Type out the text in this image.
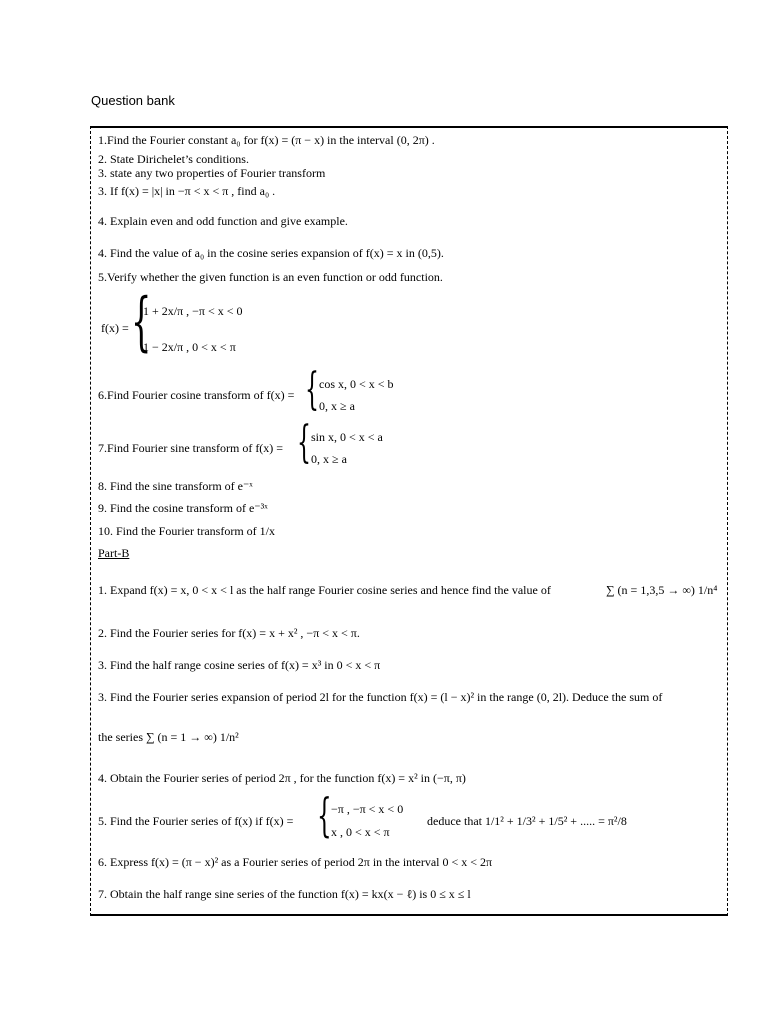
Question bank
1.Find the Fourier constant a₀ for f(x) = (π − x) in the interval (0, 2π) .
2. State Dirichelet’s conditions.
3. state any two properties of Fourier transform
3. If f(x) = |x| in −π < x < π , find a₀ .
4. Explain even and odd function and give example.
4. Find the value of a₀ in the cosine series expansion of f(x) = x in (0,5).
5.Verify whether the given function is an even function or odd function.
f(x) = {
1 + 2x/π , −π < x < 0
1 − 2x/π , 0 < x < π
6.Find Fourier cosine transform of f(x) = { cos x, 0 < x < b
0, x ≥ a
7.Find Fourier sine transform of f(x) = { sin x, 0 < x < a
0, x ≥ a
8. Find the sine transform of e⁻ˣ
9. Find the cosine transform of e⁻³ˣ
10. Find the Fourier transform of 1/x
Part-B
1. Expand f(x) = x, 0 < x < l as the half range Fourier cosine series and hence find the value of	∑ (n = 1,3,5 → ∞) 1/n⁴
2. Find the Fourier series for f(x) = x + x² , −π < x < π.
3. Find the half range cosine series of f(x) = x³ in 0 < x < π
3. Find the Fourier series expansion of period 2l for the function f(x) = (l − x)² in the range (0, 2l). Deduce the sum of
the series ∑ (n = 1 → ∞) 1/n²
4. Obtain the Fourier series of period 2π , for the function f(x) = x² in (−π, π)
5. Find the Fourier series of f(x) if f(x) = { −π , −π < x < 0
x , 0 < x < π
deduce that 1/1² + 1/3² + 1/5² + ..... = π²/8
6. Express f(x) = (π − x)² as a Fourier series of period 2π in the interval 0 < x < 2π
7. Obtain the half range sine series of the function f(x) = kx(x − ℓ) is 0 ≤ x ≤ l
